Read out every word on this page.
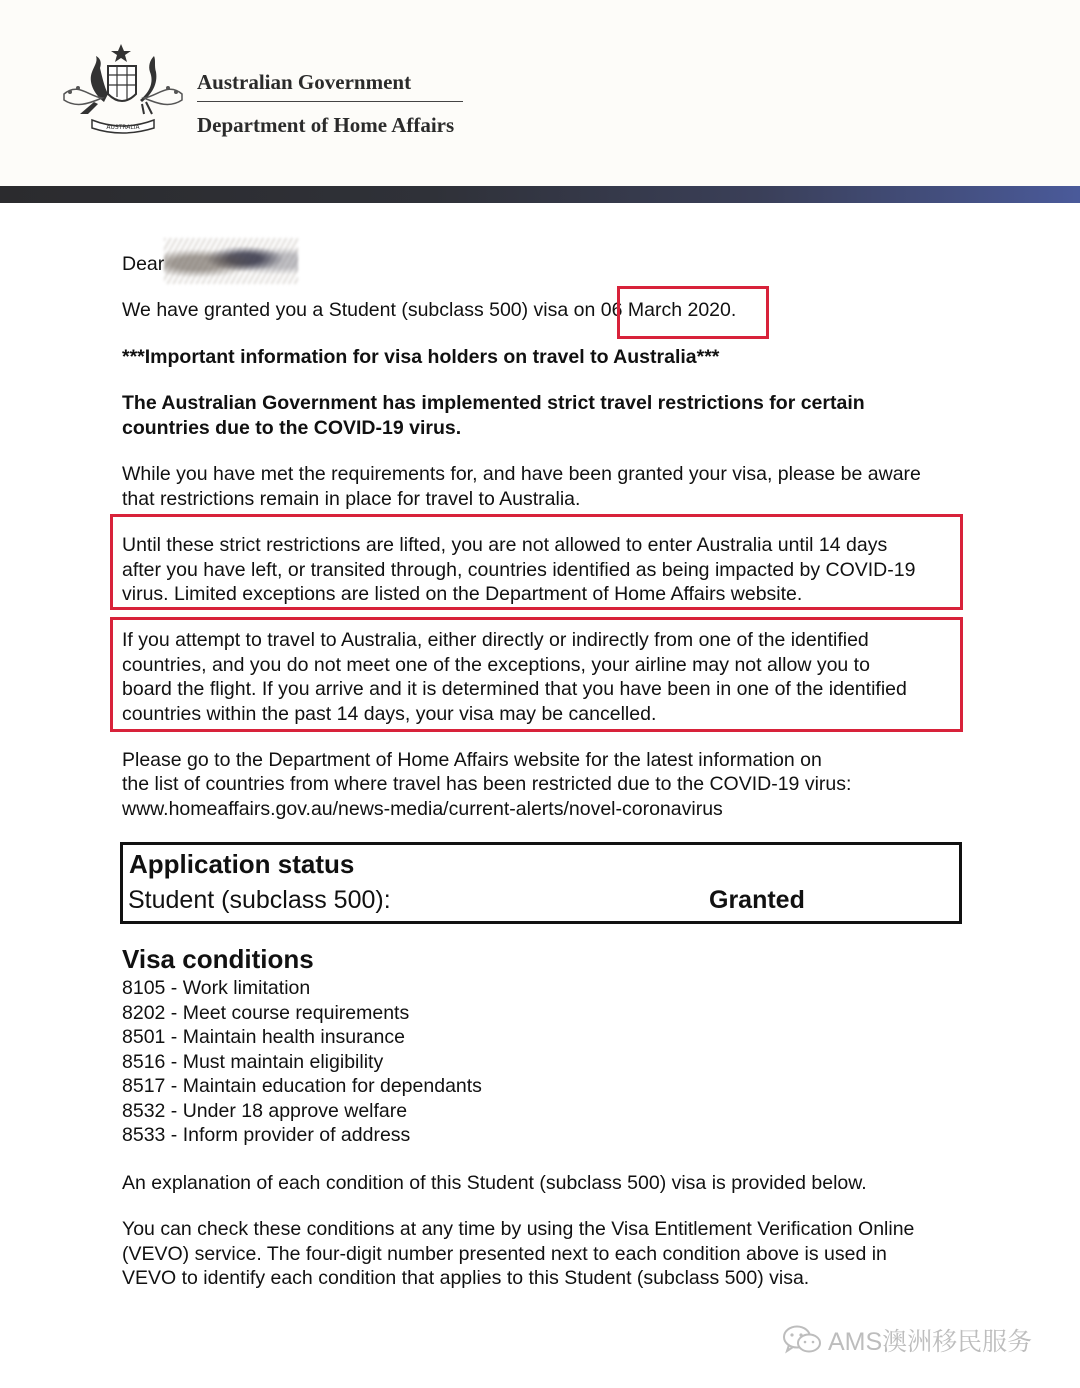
AUSTRALIA
Australian Government
Department of Home Affairs
Dear
We have granted you a Student (subclass 500) visa on 06 March 2020.
***Important information for visa holders on travel to Australia***
The Australian Government has implemented strict travel restrictions for certain
countries due to the COVID-19 virus.
While you have met the requirements for, and have been granted your visa, please be aware
that restrictions remain in place for travel to Australia.
Until these strict restrictions are lifted, you are not allowed to enter Australia until 14 days
after you have left, or transited through, countries identified as being impacted by COVID-19
virus. Limited exceptions are listed on the Department of Home Affairs website.
If you attempt to travel to Australia, either directly or indirectly from one of the identified
countries, and you do not meet one of the exceptions, your airline may not allow you to
board the flight. If you arrive and it is determined that you have been in one of the identified
countries within the past 14 days, your visa may be cancelled.
Please go to the Department of Home Affairs website for the latest information on
the list of countries from where travel has been restricted due to the COVID-19 virus:
www.homeaffairs.gov.au/news-media/current-alerts/novel-coronavirus
Application status
Student (subclass 500):	Granted
Visa conditions
8105 - Work limitation
8202 - Meet course requirements
8501 - Maintain health insurance
8516 - Must maintain eligibility
8517 - Maintain education for dependants
8532 - Under 18 approve welfare
8533 - Inform provider of address
An explanation of each condition of this Student (subclass 500) visa is provided below.
You can check these conditions at any time by using the Visa Entitlement Verification Online
(VEVO) service. The four-digit number presented next to each condition above is used in
VEVO to identify each condition that applies to this Student (subclass 500) visa.
AMS澳洲移民服务
